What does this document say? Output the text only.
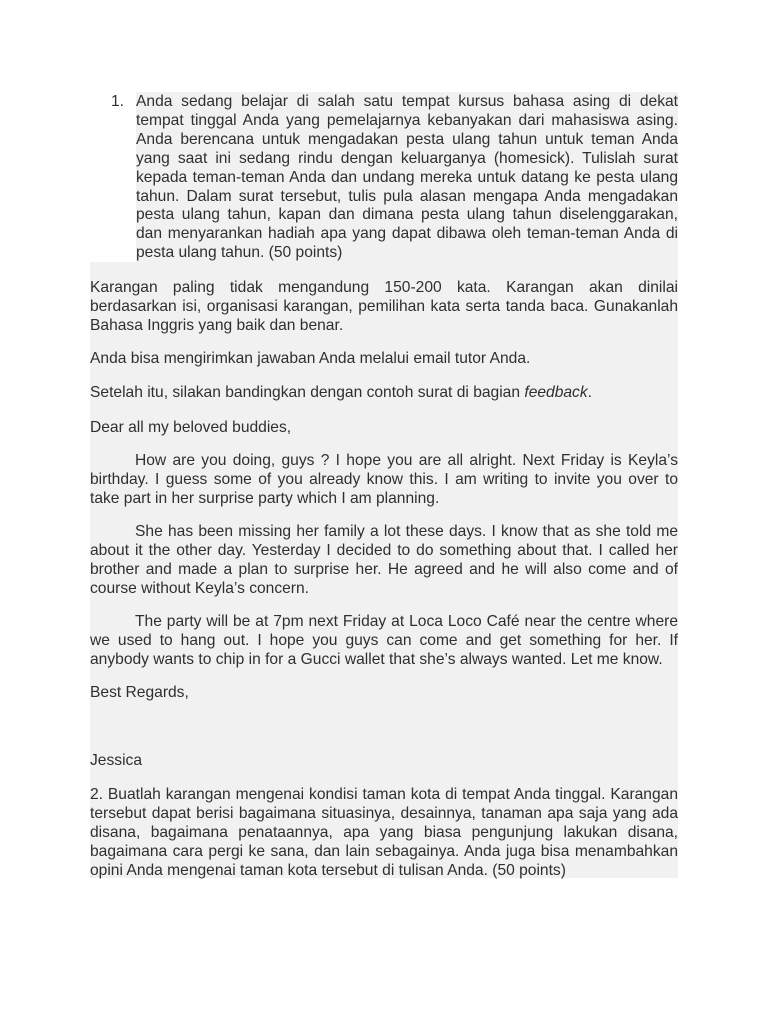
1. Anda sedang belajar di salah satu tempat kursus bahasa asing di dekat tempat tinggal Anda yang pemelajarnya kebanyakan dari mahasiswa asing. Anda berencana untuk mengadakan pesta ulang tahun untuk teman Anda yang saat ini sedang rindu dengan keluarganya (homesick). Tulislah surat kepada teman-teman Anda dan undang mereka untuk datang ke pesta ulang tahun. Dalam surat tersebut, tulis pula alasan mengapa Anda mengadakan pesta ulang tahun, kapan dan dimana pesta ulang tahun diselenggarakan, dan menyarankan hadiah apa yang dapat dibawa oleh teman-teman Anda di pesta ulang tahun. (50 points)

Karangan paling tidak mengandung 150-200 kata. Karangan akan dinilai berdasarkan isi, organisasi karangan, pemilihan kata serta tanda baca. Gunakanlah Bahasa Inggris yang baik dan benar.

Anda bisa mengirimkan jawaban Anda melalui email tutor Anda.

Setelah itu, silakan bandingkan dengan contoh surat di bagian feedback.

Dear all my beloved buddies,

How are you doing, guys ? I hope you are all alright. Next Friday is Keyla’s birthday. I guess some of you already know this. I am writing to invite you over to take part in her surprise party which I am planning.

She has been missing her family a lot these days. I know that as she told me about it the other day. Yesterday I decided to do something about that. I called her brother and made a plan to surprise her. He agreed and he will also come and of course without Keyla’s concern.

The party will be at 7pm next Friday at Loca Loco Café near the centre where we used to hang out. I hope you guys can come and get something for her. If anybody wants to chip in for a Gucci wallet that she’s always wanted. Let me know.

Best Regards,

Jessica

2. Buatlah karangan mengenai kondisi taman kota di tempat Anda tinggal. Karangan tersebut dapat berisi bagaimana situasinya, desainnya, tanaman apa saja yang ada disana, bagaimana penataannya, apa yang biasa pengunjung lakukan disana, bagaimana cara pergi ke sana, dan lain sebagainya. Anda juga bisa menambahkan opini Anda mengenai taman kota tersebut di tulisan Anda. (50 points)
